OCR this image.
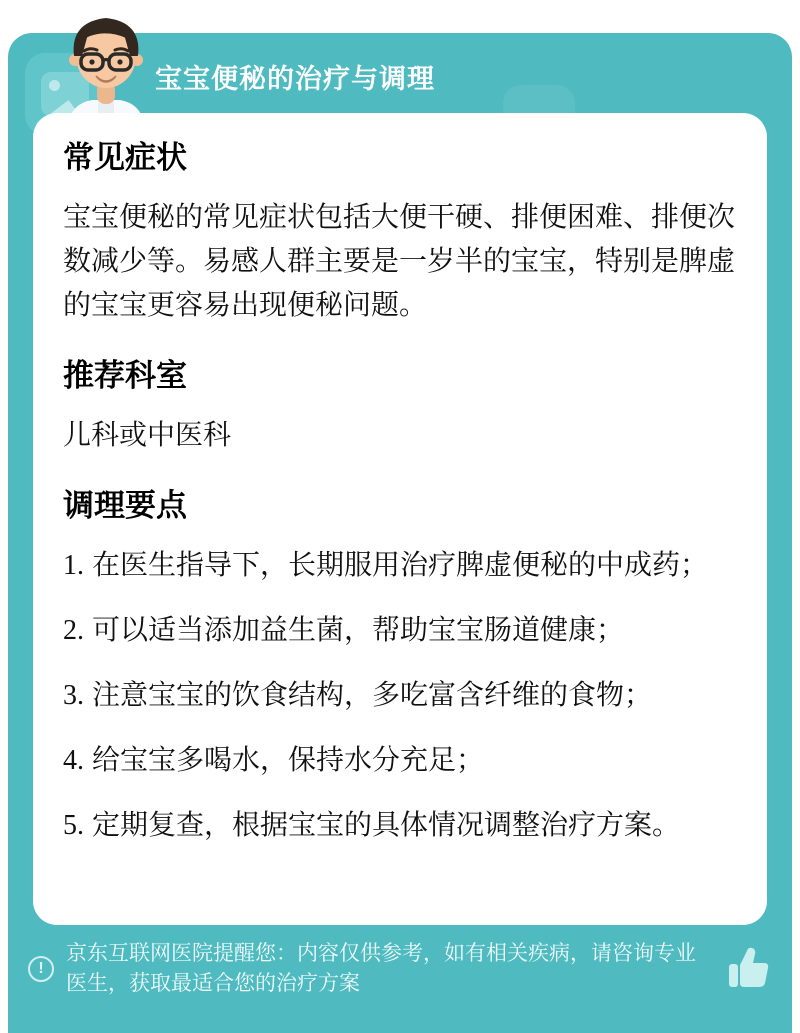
宝宝便秘的治疗与调理
常见症状

宝宝便秘的常见症状包括大便干硬、排便困难、排便次数减少等。易感人群主要是一岁半的宝宝，特别是脾虚的宝宝更容易出现便秘问题。

推荐科室

儿科或中医科

调理要点

1. 在医生指导下，长期服用治疗脾虚便秘的中成药；

2. 可以适当添加益生菌，帮助宝宝肠道健康；

3. 注意宝宝的饮食结构，多吃富含纤维的食物；

4. 给宝宝多喝水，保持水分充足；

5. 定期复查，根据宝宝的具体情况调整治疗方案。

!
京东互联网医院提醒您：内容仅供参考，如有相关疾病，请咨询专业医生，获取最适合您的治疗方案
